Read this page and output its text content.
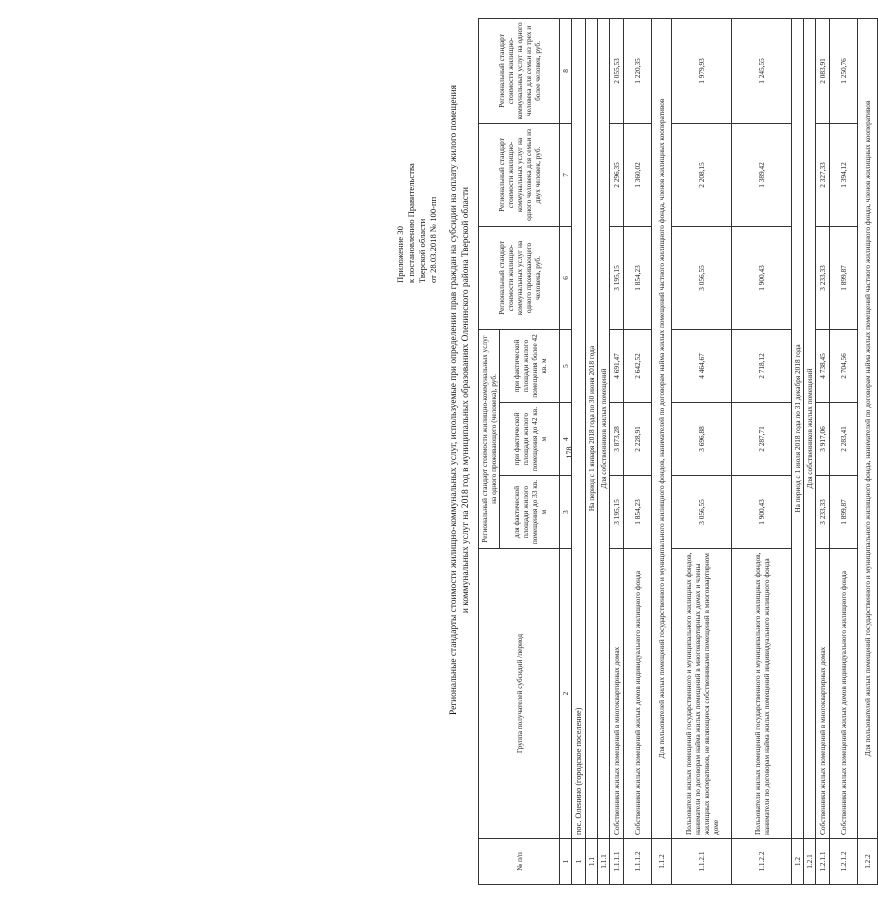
178
Приложение 30 к постановлению Правительства Тверской области от 28.03.2018 № 100-пп Региональные стандарты стоимости жилищно-коммунальных услуг, используемые при определении прав граждан на субсидии на оплату жилого помещения и коммунальных услуг на 2018 год в муниципальных образованиях Оленинского района Тверской области
№ п/п	Группа получателей субсидий /период	Региональный стандарт стоимости жилищно-коммунальных услуг на одного проживающего (человека), руб.			Региональный стандарт стоимости жилищно-коммунальных услуг на одного проживающего человека, руб.	Региональный стандарт стоимости жилищно-коммунальных услуг на одного человека для семьи из двух человек, руб.	Региональный стандарт стоимости жилищно-коммунальных услуг на одного человека для семьи из трех и более человек, руб.
		для фактической площади жилого помещения до 33 кв. м	при фактической площади жилого помещения до 42 кв. м	при фактической площади жилого помещения более 42 кв. м			
1	2	3	4	5	6	7	8
1	пос. Оленино (городское поселение)						
1.1	На период с 1 января 2018 года по 30 июня 2018 года						
1.1.1	Для собственников жилых помещений						
1.1.1.1	Собственники жилых помещений в многоквартирных домах	3 195,15	3 873,28	4 691,47	3 195,15	2 296,35	2 055,53
1.1.1.2	Собственники жилых помещений жилых домов индивидуального жилищного фонда	1 854,23	2 228,91	2 642,52	1 854,23	1 360,02	1 220,35
1.1.2	Для пользователей жилых помещений государственного и муниципального жилищного фондов, нанимателей по договорам найма жилых помещений частного жилищного фонда, членов жилищных кооперативов						
1.1.2.1	Пользователи жилых помещений государственного и муниципального жилищных фондов, наниматели по договорам найма жилых помещений в многоквартирных домах и члены жилищных кооперативов, не являющиеся собственниками помещений в многоквартирном доме	3 056,55	3 696,88	4 464,67	3 056,55	2 208,15	1 979,93
1.1.2.2	Пользователи жилых помещений государственного и муниципального жилищных фондов, наниматели по договорам найма жилых помещений индивидуального жилищного фонда	1 900,43	2 287,71	2 718,12	1 900,43	1 389,42	1 245,55
1.2	На период с 1 июля 2018 года по 31 декабря 2018 года						
1.2.1	Для собственников жилых помещений						
1.2.1.1	Собственники жилых помещений в многоквартирных домах	3 233,33	3 917,06	4 738,45	3 233,33	2 327,33	2 083,91
1.2.1.2	Собственники жилых помещений жилых домов индивидуального жилищного фонда	1 899,87	2 283,41	2 704,56	1 899,87	1 394,12	1 250,76
1.2.2	Для пользователей жилых помещений государственного и муниципального жилищного фонда, нанимателей по договорам найма жилых помещений частного жилищного фонда, членов жилищных кооперативов						
